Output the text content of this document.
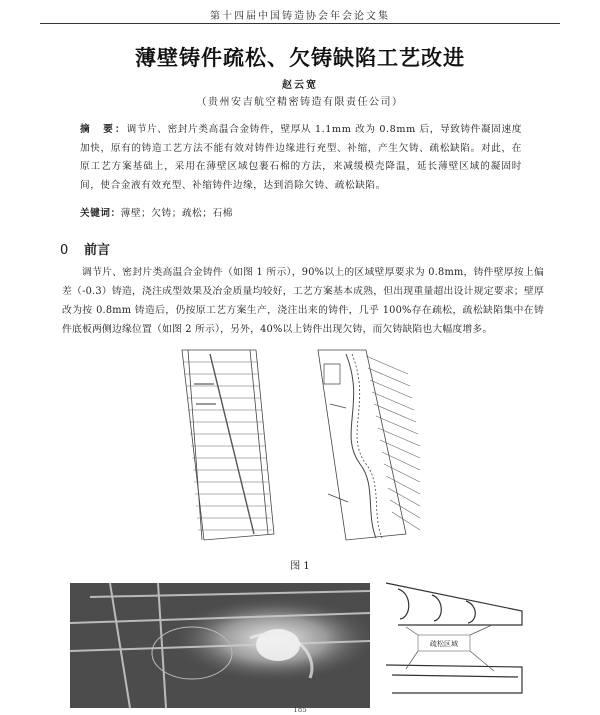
第十四届中国铸造协会年会论文集
薄壁铸件疏松、欠铸缺陷工艺改进
赵云宽
（贵州安吉航空精密铸造有限责任公司）
摘　要：调节片、密封片类高温合金铸件，壁厚从 1.1mm 改为 0.8mm 后，导致铸件凝固速度加快，原有的铸造工艺方法不能有效对铸件边缘进行充型、补缩，产生欠铸、疏松缺陷。对此，在原工艺方案基础上，采用在薄壁区域包裹石棉的方法，来减缓模壳降温，延长薄壁区域的凝固时间，使合金液有效充型、补缩铸件边缘，达到消除欠铸、疏松缺陷。
关键词：薄壁；欠铸；疏松；石棉
0 前言
调节片、密封片类高温合金铸件（如图 1 所示），90%以上的区域壁厚要求为 0.8mm，铸件壁厚按上偏差（-0.3）铸造，浇注成型效果及冶金质量均较好，工艺方案基本成熟，但出现重量超出设计规定要求；壁厚改为按 0.8mm 铸造后，仍按原工艺方案生产，浇注出来的铸件，几乎 100%存在疏松，疏松缺陷集中在铸件底板两侧边缘位置（如图 2 所示），另外，40%以上铸件出现欠铸，而欠铸缺陷也大幅度增多。
图 1
疏松区域
185
